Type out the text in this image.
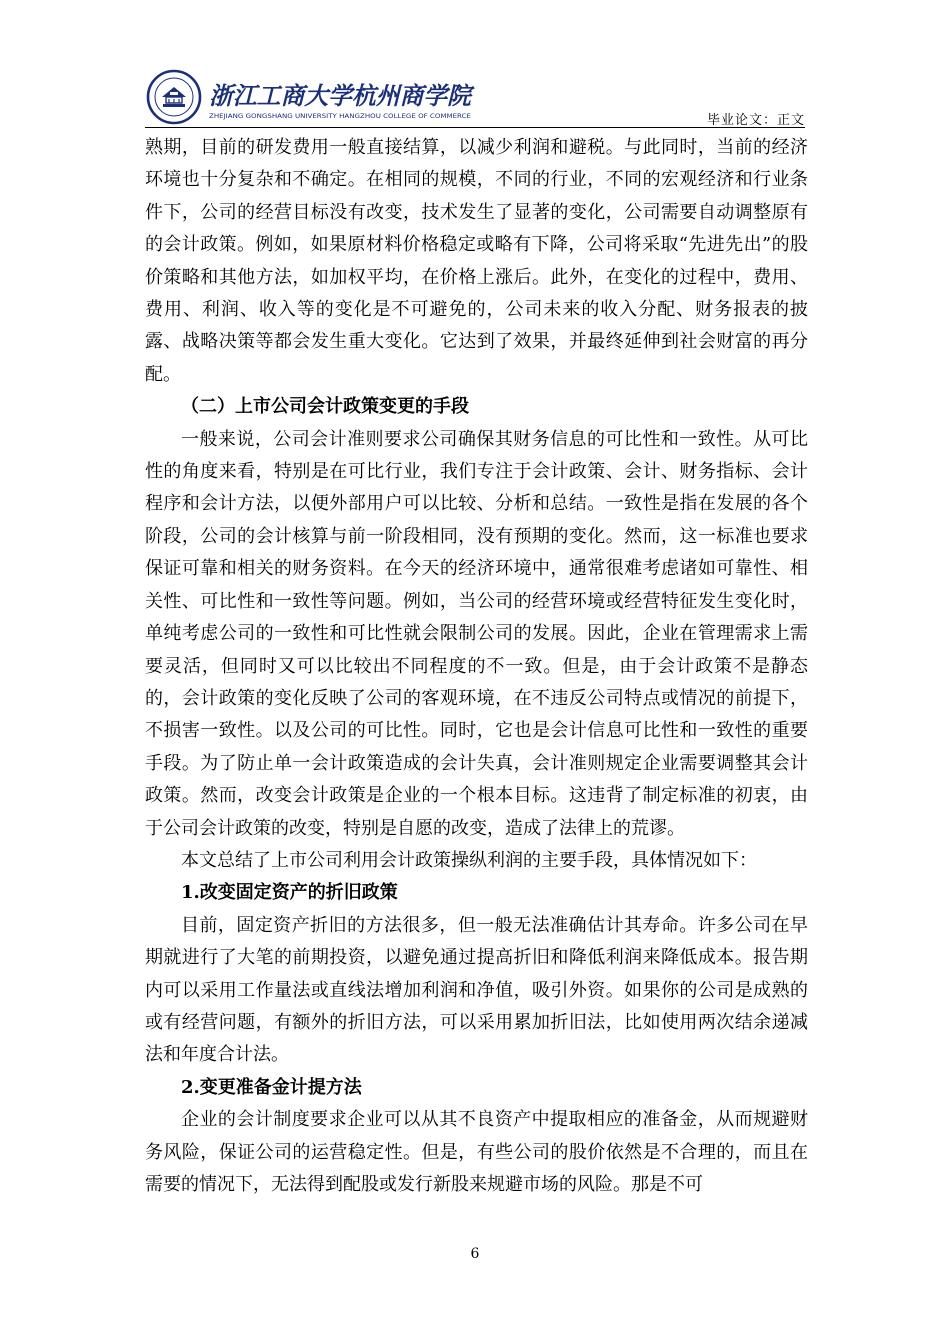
浙江工商大学杭州商学院
ZHEJIANG GONGSHANG UNIVERSITY HANGZHOU COLLEGE OF COMMERCE	毕业论文：正文

熟期，目前的研发费用一般直接结算，以减少利润和避税。与此同时，当前的经济环境也十分复杂和不确定。在相同的规模，不同的行业，不同的宏观经济和行业条件下，公司的经营目标没有改变，技术发生了显著的变化，公司需要自动调整原有的会计政策。例如，如果原材料价格稳定或略有下降，公司将采取“先进先出”的股价策略和其他方法，如加权平均，在价格上涨后。此外，在变化的过程中，费用、费用、利润、收入等的变化是不可避免的，公司未来的收入分配、财务报表的披露、战略决策等都会发生重大变化。它达到了效果，并最终延伸到社会财富的再分配。

（二）上市公司会计政策变更的手段

一般来说，公司会计准则要求公司确保其财务信息的可比性和一致性。从可比性的角度来看，特别是在可比行业，我们专注于会计政策、会计、财务指标、会计程序和会计方法，以便外部用户可以比较、分析和总结。一致性是指在发展的各个阶段，公司的会计核算与前一阶段相同，没有预期的变化。然而，这一标准也要求保证可靠和相关的财务资料。在今天的经济环境中，通常很难考虑诸如可靠性、相关性、可比性和一致性等问题。例如，当公司的经营环境或经营特征发生变化时，单纯考虑公司的一致性和可比性就会限制公司的发展。因此，企业在管理需求上需要灵活，但同时又可以比较出不同程度的不一致。但是，由于会计政策不是静态的，会计政策的变化反映了公司的客观环境，在不违反公司特点或情况的前提下，不损害一致性。以及公司的可比性。同时，它也是会计信息可比性和一致性的重要手段。为了防止单一会计政策造成的会计失真，会计准则规定企业需要调整其会计政策。然而，改变会计政策是企业的一个根本目标。这违背了制定标准的初衷，由于公司会计政策的改变，特别是自愿的改变，造成了法律上的荒谬。

本文总结了上市公司利用会计政策操纵利润的主要手段，具体情况如下：

1.改变固定资产的折旧政策

目前，固定资产折旧的方法很多，但一般无法准确估计其寿命。许多公司在早期就进行了大笔的前期投资，以避免通过提高折旧和降低利润来降低成本。报告期内可以采用工作量法或直线法增加利润和净值，吸引外资。如果你的公司是成熟的或有经营问题，有额外的折旧方法，可以采用累加折旧法，比如使用两次结余递减法和年度合计法。

2.变更准备金计提方法

企业的会计制度要求企业可以从其不良资产中提取相应的准备金，从而规避财务风险，保证公司的运营稳定性。但是，有些公司的股价依然是不合理的，而且在需要的情况下，无法得到配股或发行新股来规避市场的风险。那是不可

6
